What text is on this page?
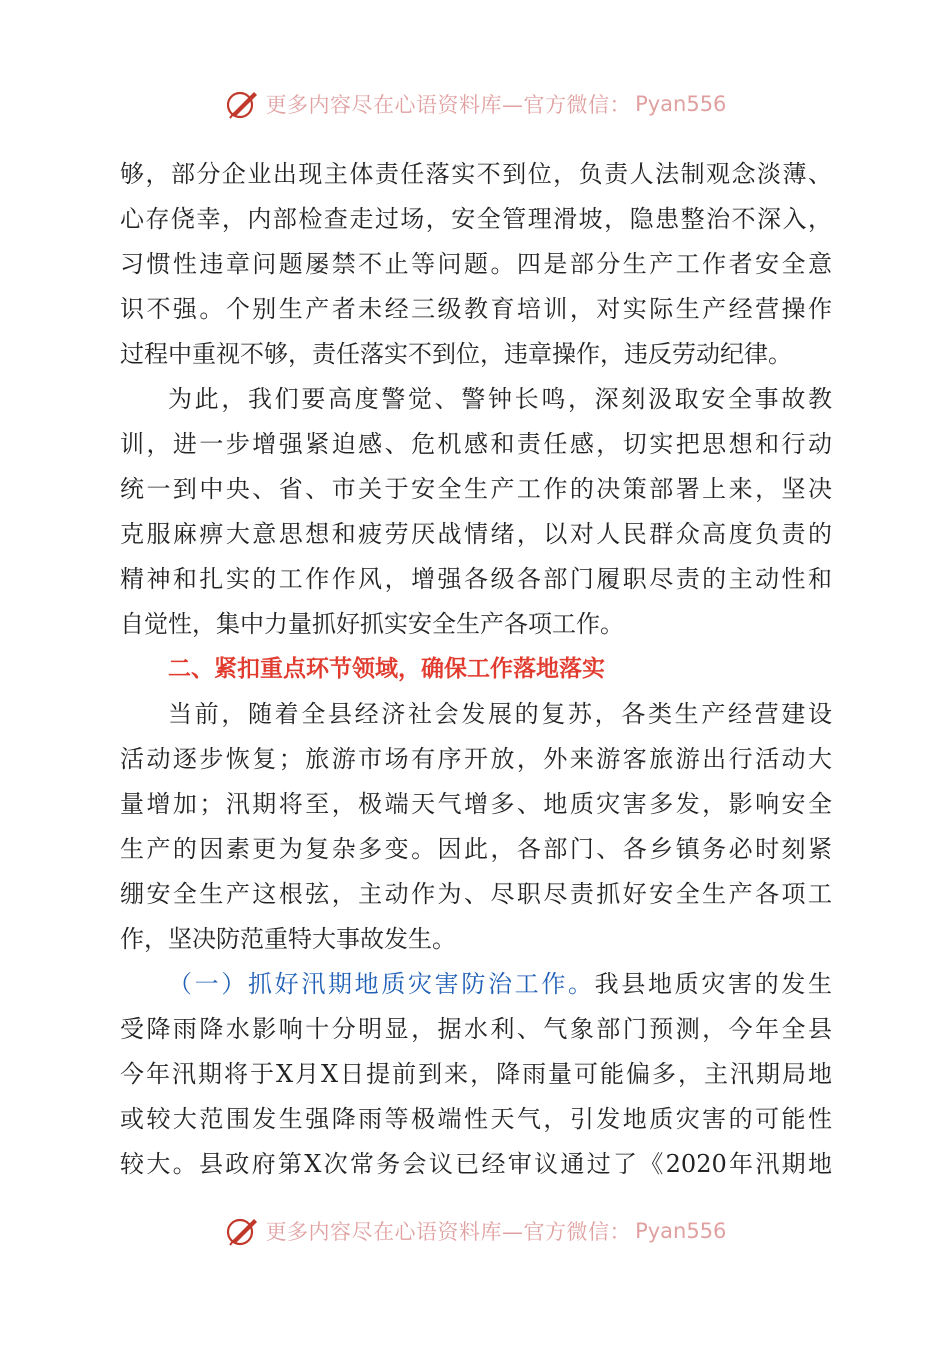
更多内容尽在心语资料库—官方微信： Pyan556
够，部分企业出现主体责任落实不到位，负责人法制观念淡薄、
心存侥幸，内部检查走过场，安全管理滑坡，隐患整治不深入，
习惯性违章问题屡禁不止等问题。四是部分生产工作者安全意
识不强。个别生产者未经三级教育培训，对实际生产经营操作
过程中重视不够，责任落实不到位，违章操作，违反劳动纪律。
为此，我们要高度警觉、警钟长鸣，深刻汲取安全事故教
训，进一步增强紧迫感、危机感和责任感，切实把思想和行动
统一到中央、省、市关于安全生产工作的决策部署上来，坚决
克服麻痹大意思想和疲劳厌战情绪，以对人民群众高度负责的
精神和扎实的工作作风，增强各级各部门履职尽责的主动性和
自觉性，集中力量抓好抓实安全生产各项工作。
二、紧扣重点环节领域，确保工作落地落实
当前，随着全县经济社会发展的复苏，各类生产经营建设
活动逐步恢复；旅游市场有序开放，外来游客旅游出行活动大
量增加；汛期将至，极端天气增多、地质灾害多发，影响安全
生产的因素更为复杂多变。因此，各部门、各乡镇务必时刻紧
绷安全生产这根弦，主动作为、尽职尽责抓好安全生产各项工
作，坚决防范重特大事故发生。
（一）抓好汛期地质灾害防治工作。我县地质灾害的发生
受降雨降水影响十分明显，据水利、气象部门预测，今年全县
今年汛期将于X月X日提前到来，降雨量可能偏多，主汛期局地
或较大范围发生强降雨等极端性天气，引发地质灾害的可能性
较大。县政府第X次常务会议已经审议通过了《2020年汛期地
更多内容尽在心语资料库—官方微信： Pyan556
